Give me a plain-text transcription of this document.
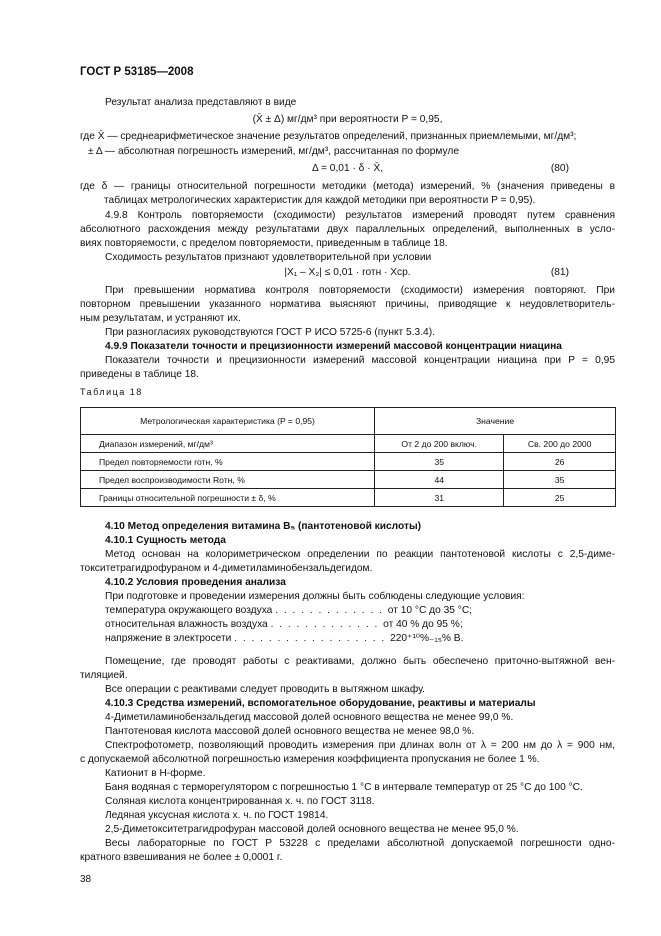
ГОСТ Р 53185—2008
Результат анализа представляют в виде
(X̄ ± Δ) мг/дм³ при вероятности P = 0,95,
где X̄ — среднеарифметическое значение результатов определений, признанных приемлемыми, мг/дм³;
± Δ — абсолютная погрешность измерений, мг/дм³, рассчитанная по формуле
Δ = 0,01 · δ · X̄,	(80)
где δ — границы относительной погрешности методики (метода) измерений, % (значения приведены в
таблицах метрологических характеристик для каждой методики при вероятности P = 0,95).
4.9.8 Контроль повторяемости (сходимости) результатов измерений проводят путем сравнения
абсолютного расхождения между результатами двух параллельных определений, выполненных в усло-
виях повторяемости, с пределом повторяемости, приведенным в таблице 18.
Сходимость результатов признают удовлетворительной при условии
|X₁ – X₂| ≤ 0,01 · rотн · Xср.	(81)
При превышении норматива контроля повторяемости (сходимости) измерения повторяют. При
повторном превышении указанного норматива выясняют причины, приводящие к неудовлетворитель-
ным результатам, и устраняют их.
При разногласиях руководствуются ГОСТ Р ИСО 5725-6 (пункт 5.3.4).
4.9.9 Показатели точности и прецизионности измерений массовой концентрации ниацина
Показатели точности и прецизионности измерений массовой концентрации ниацина при P = 0,95
приведены в таблице 18.
Таблица 18
Метрологическая характеристика (P = 0,95)	Значение	
Диапазон измерений, мг/дм³	От 2 до 200 включ.	Св. 200 до 2000
Предел повторяемости rотн, %	35	26
Предел воспроизводимости Rотн, %	44	35
Границы относительной погрешности ± δ, %	31	25
4.10 Метод определения витамина B₅ (пантотеновой кислоты)
4.10.1 Сущность метода
Метод основан на колориметрическом определении по реакции пантотеновой кислоты с 2,5-диме-
токситетрагидрофураном и 4-диметиламинобензальдегидом.
4.10.2 Условия проведения анализа
При подготовке и проведении измерения должны быть соблюдены следующие условия:
температура окружающего воздуха . . . . . . . . . . . . . от 10 °С до 35 °С;
относительная влажность воздуха . . . . . . . . . . . . . от 40 % до 95 %;
напряжение в электросети . . . . . . . . . . . . . . . . . . 220⁺¹⁰%₋₁₅% В.
Помещение, где проводят работы с реактивами, должно быть обеспечено приточно-вытяжной вен-
тиляцией.
Все операции с реактивами следует проводить в вытяжном шкафу.
4.10.3 Средства измерений, вспомогательное оборудование, реактивы и материалы
4-Диметиламинобензальдегид массовой долей основного вещества не менее 99,0 %.
Пантотеновая кислота массовой долей основного вещества не менее 98,0 %.
Спектрофотометр, позволяющий проводить измерения при длинах волн от λ = 200 нм до λ = 900 нм,
с допускаемой абсолютной погрешностью измерения коэффициента пропускания не более 1 %.
Катионит в Н-форме.
Баня водяная с терморегулятором с погрешностью 1 °С в интервале температур от 25 °С до 100 °С.
Соляная кислота концентрированная х. ч. по ГОСТ 3118.
Ледяная уксусная кислота х. ч. по ГОСТ 19814.
2,5-Диметокситетрагидрофуран массовой долей основного вещества не менее 95,0 %.
Весы лабораторные по ГОСТ Р 53228 с пределами абсолютной допускаемой погрешности одно-
кратного взвешивания не более ± 0,0001 г.
38
